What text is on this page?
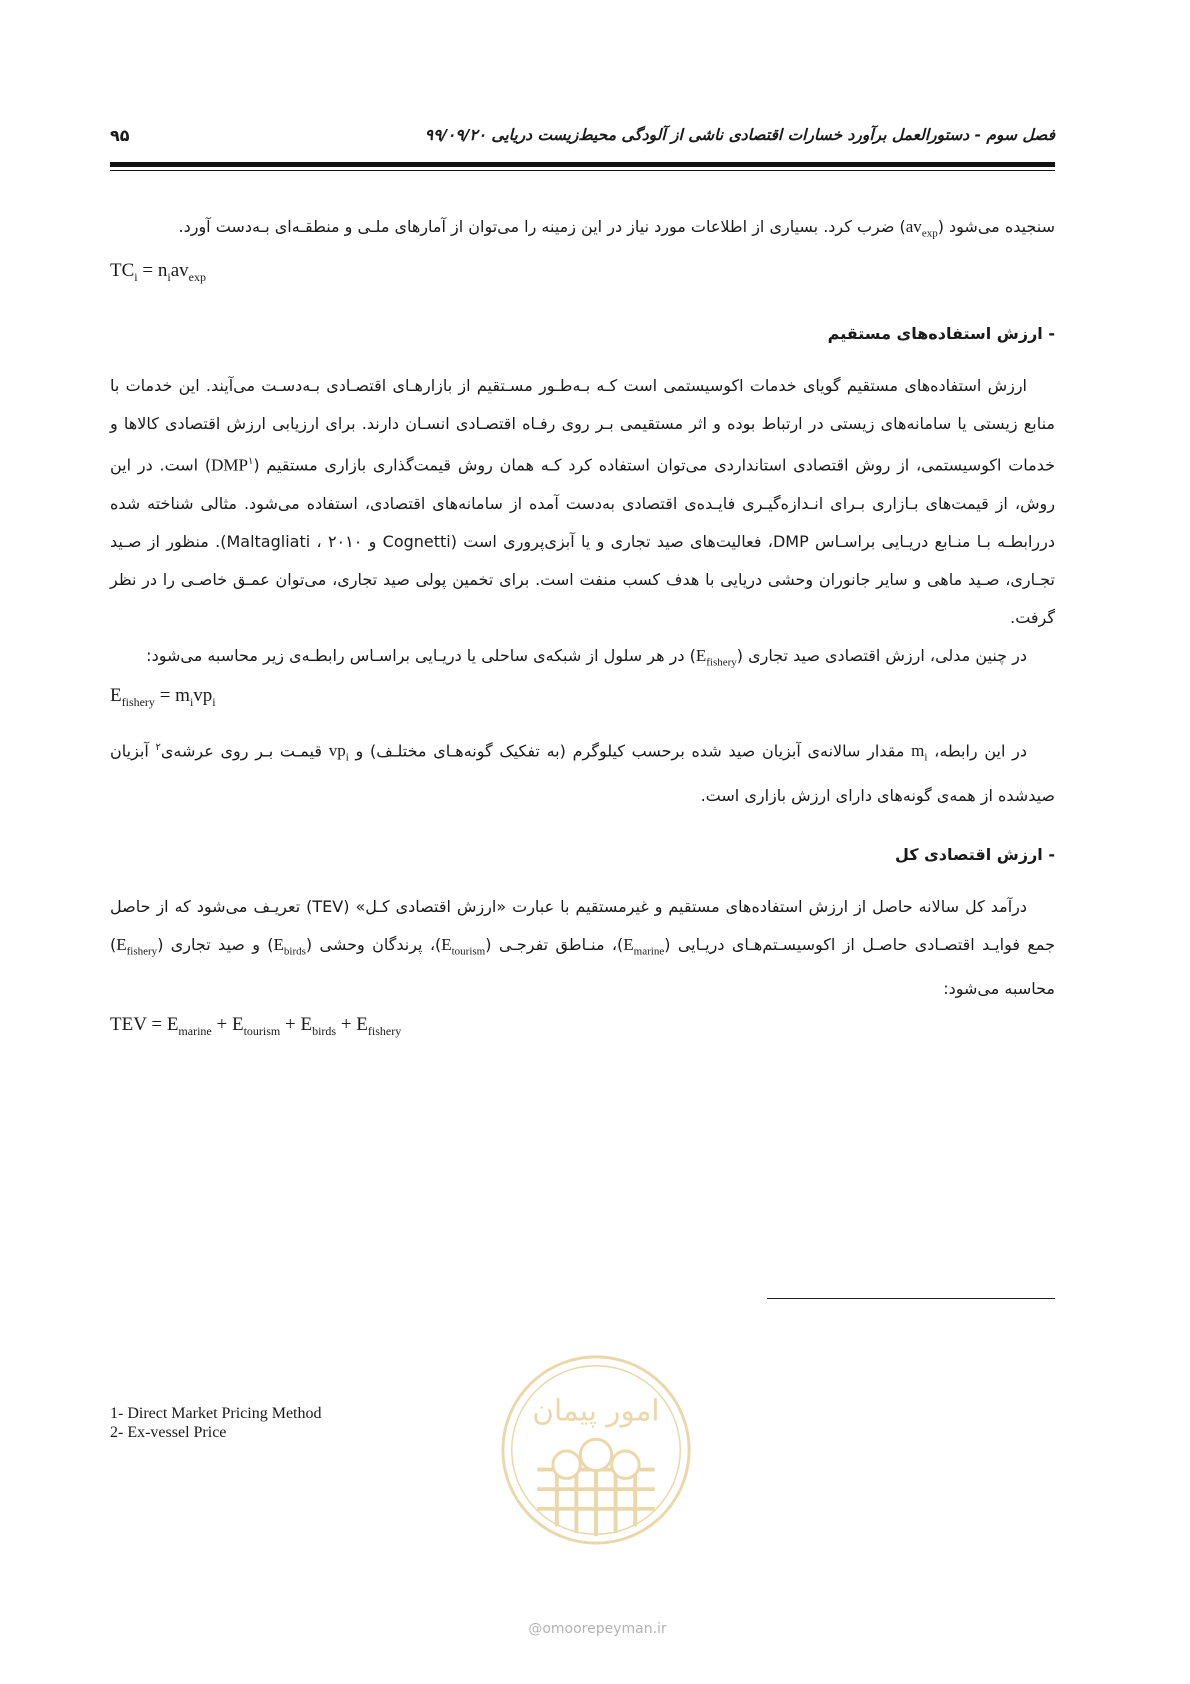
فصل سوم - دستورالعمل برآورد خسارات اقتصادی ناشی از آلودگی محیط‌زیست دریایی ۹۹/۰۹/۲۰
۹۵

سنجیده می‌شود $(av_{exp})$ ضرب کرد. بسیاری از اطلاعات مورد نیاز در این زمینه را می‌توان از آمارهای ملـی و منطقـه‌ای بـه‌دست آورد.

$TC_i = n_iav_{exp}$
- ارزش استفاده‌های مستقیم

ارزش استفاده‌های مستقیم گویای خدمات اکوسیستمی است کـه بـه‌طـور مسـتقیم از بازارهـای اقتصـادی بـه‌دسـت می‌آیند. این خدمات با منابع زیستی یا سامانه‌های زیستی در ارتباط بوده و اثر مستقیمی بـر روی رفـاه اقتصـادی انسـان دارند. برای ارزیابی ارزش اقتصادی کالاها و خدمات اکوسیستمی، از روش اقتصادی استانداردی می‌توان استفاده کرد کـه همان روش قیمت‌گذاری بازاری مستقیم (DMP$^۱$) است. در این روش، از قیمت‌های بـازاری بـرای انـدازه‌گیـری فایـده‌ی اقتصادی به‌دست آمده از سامانه‌های اقتصادی، استفاده می‌شود. مثالی شناخته شده دررابطـه بـا منـابع دریـایی براسـاس DMP، فعالیت‌های صید تجاری و یا آبزی‌پروری است (Cognetti و Maltagliati ، ۲۰۱۰). منظور از صـید تجـاری، صـید ماهی و سایر جانوران وحشی دریایی با هدف کسب منفت است. برای تخمین پولی صید تجاری، می‌توان عمـق خاصـی را در نظر گرفت.

در چنین مدلی، ارزش اقتصادی صید تجاری $(E_{fishery})$ در هر سلول از شبکه‌ی ساحلی یا دریـایی براسـاس رابطـه‌ی زیر محاسبه می‌شود:

$E_{fishery} = m_ivp_i$

در این رابطه، $m_i$ مقدار سالانه‌ی آبزیان صید شده برحسب کیلوگرم (به تفکیک گونه‌هـای مختلـف) و $vp_i$ قیمـت بـر روی عرشه‌ی$^۲$ آبزیان صیدشده از همه‌ی گونه‌های دارای ارزش بازاری است.

- ارزش اقتصادی کل

درآمد کل سالانه حاصل از ارزش استفاده‌های مستقیم و غیرمستقیم با عبارت «ارزش اقتصادی کـل» (TEV) تعریـف می‌شود که از حاصل جمع فوایـد اقتصـادی حاصـل از اکوسیسـتم‌هـای دریـایی $(E_{marine})،$ منـاطق تفرجـی $(E_{tourism})،$ پرندگان وحشی $(E_{birds})$ و صید تجاری $(E_{fishery})$ محاسبه می‌شود:

TEV = $E_{marine} + E_{tourism} + E_{birds} + E_{fishery}$
1- Direct Market Pricing Method
2- Ex-vessel Price
امور پیمان
@omoorepeyman.ir
